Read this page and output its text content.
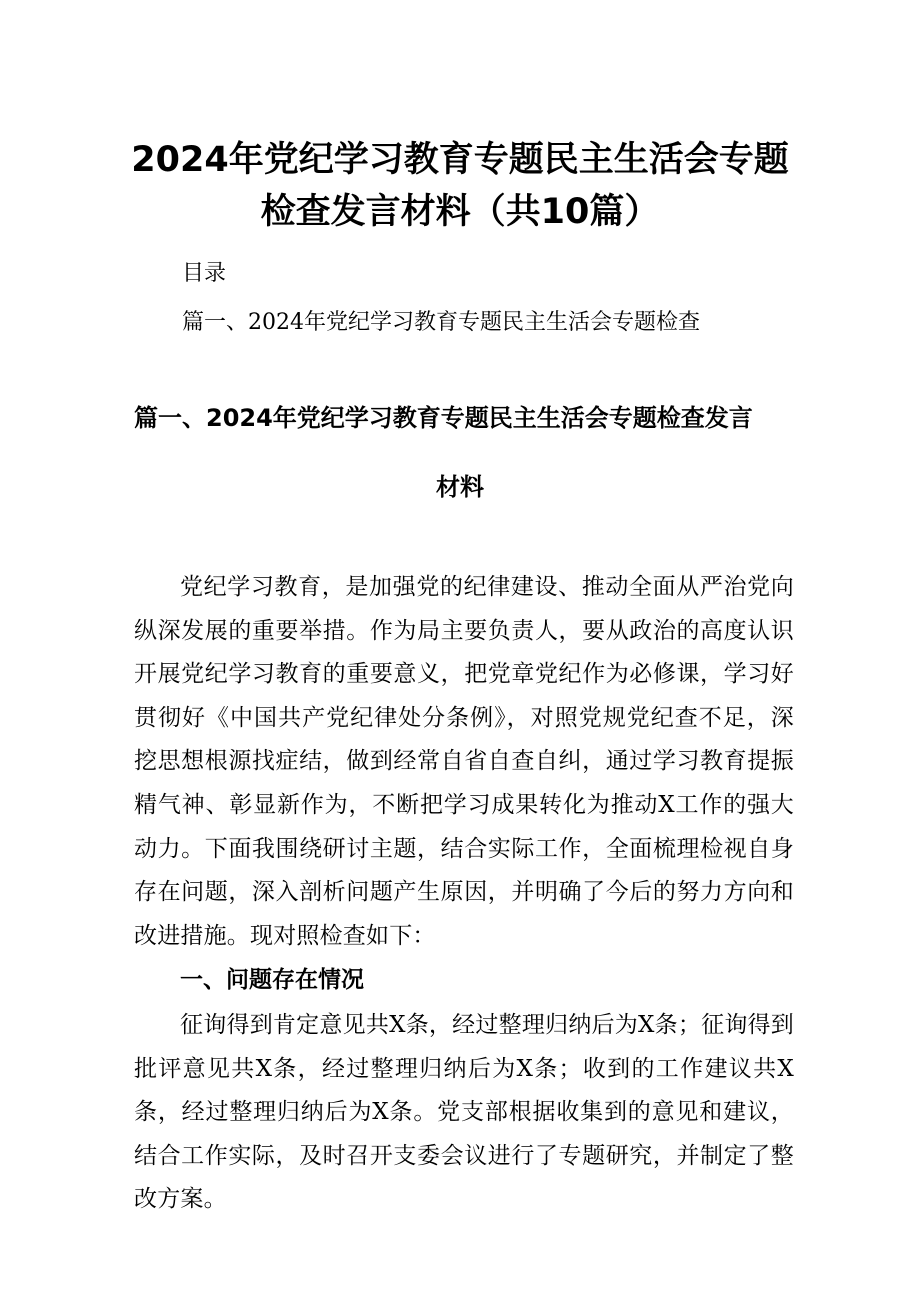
2024年党纪学习教育专题民主生活会专题
检查发言材料（共10篇）

目录

篇一、2024年党纪学习教育专题民主生活会专题检查

篇一、2024年党纪学习教育专题民主生活会专题检查发言
材料

党纪学习教育，是加强党的纪律建设、推动全面从严治党向纵深发展的重要举措。作为局主要负责人，要从政治的高度认识开展党纪学习教育的重要意义，把党章党纪作为必修课，学习好贯彻好《中国共产党纪律处分条例》，对照党规党纪查不足，深挖思想根源找症结，做到经常自省自查自纠，通过学习教育提振精气神、彰显新作为，不断把学习成果转化为推动X工作的强大动力。下面我围绕研讨主题，结合实际工作，全面梳理检视自身存在问题，深入剖析问题产生原因，并明确了今后的努力方向和改进措施。现对照检查如下：

一、问题存在情况

征询得到肯定意见共X条，经过整理归纳后为X条；征询得到批评意见共X条，经过整理归纳后为X条；收到的工作建议共X条，经过整理归纳后为X条。党支部根据收集到的意见和建议，结合工作实际，及时召开支委会议进行了专题研究，并制定了整改方案。
